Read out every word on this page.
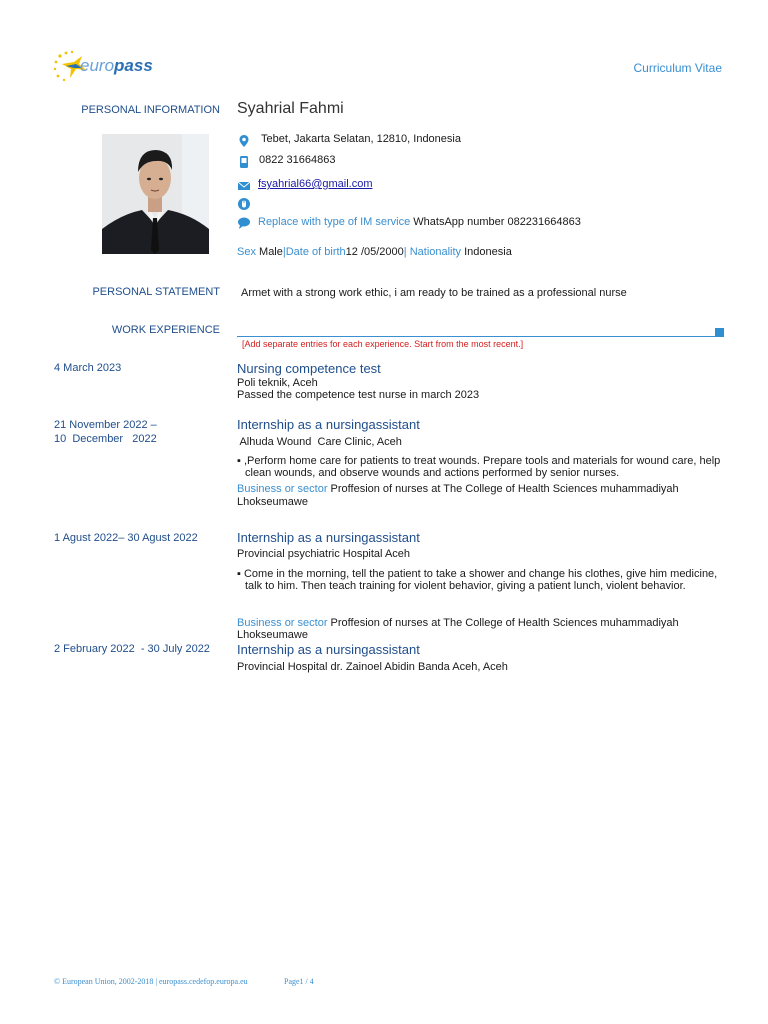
europass	Curriculum Vitae
PERSONAL INFORMATION Syahrial Fahmi
Tebet, Jakarta Selatan, 12810, Indonesia
0822 31664863
fsyahrial66@gmail.com
Replace with type of IM service WhatsApp number 082231664863
Sex Male|Date of birth12 /05/2000| Nationality Indonesia
PERSONAL STATEMENT Armet with a strong work ethic, i am ready to be trained as a professional nurse
WORK EXPERIENCE
[Add separate entries for each experience. Start from the most recent.]
4 March 2023	Nursing competence test
Poli teknik, Aceh
Passed the competence test nurse in march 2023
21 November 2022 –
10  December   2022
Internship as a nursingassistant
Alhuda Wound  Care Clinic, Aceh
▪ ,Perform home care for patients to treat wounds. Prepare tools and materials for wound care, help
clean wounds, and observe wounds and actions performed by senior nurses.
Business or sector Proffesion of nurses at The College of Health Sciences muhammadiyah
Lhokseumawe
1 Agust 2022– 30 Agust 2022	Internship as a nursingassistant
Provincial psychiatric Hospital Aceh
▪ Come in the morning, tell the patient to take a shower and change his clothes, give him medicine,
talk to him. Then teach training for violent behavior, giving a patient lunch, violent behavior.
Business or sector Proffesion of nurses at The College of Health Sciences muhammadiyah
Lhokseumawe
2 February 2022  - 30 July 2022 Internship as a nursingassistant
Provincial Hospital dr. Zainoel Abidin Banda Aceh, Aceh
© European Union, 2002-2018 | europass.cedefop.europa.eu	Page1 / 4
